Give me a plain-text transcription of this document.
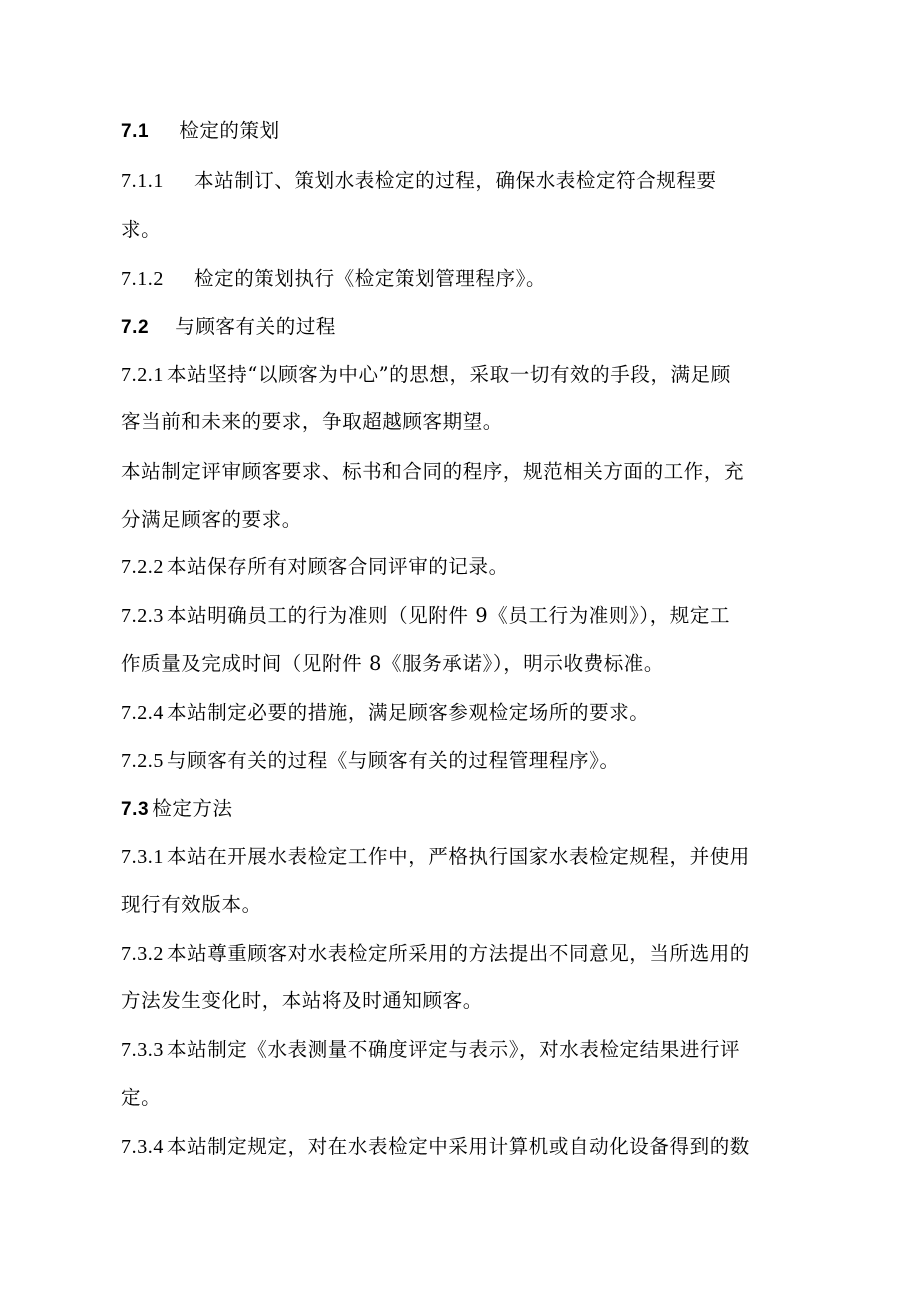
7.1 检定的策划
7.1.1 本站制订、策划水表检定的过程，确保水表检定符合规程要
求。
7.1.2 检定的策划执行《检定策划管理程序》。
7.2 与顾客有关的过程
7.2.1 本站坚持“以顾客为中心”的思想，采取一切有效的手段，满足顾
客当前和未来的要求，争取超越顾客期望。
本站制定评审顾客要求、标书和合同的程序，规范相关方面的工作，充
分满足顾客的要求。
7.2.2 本站保存所有对顾客合同评审的记录。
7.2.3 本站明确员工的行为准则（见附件 9《员工行为准则》），规定工
作质量及完成时间（见附件 8《服务承诺》），明示收费标准。
7.2.4 本站制定必要的措施，满足顾客参观检定场所的要求。
7.2.5 与顾客有关的过程《与顾客有关的过程管理程序》。
7.3 检定方法
7.3.1 本站在开展水表检定工作中，严格执行国家水表检定规程，并使用
现行有效版本。
7.3.2 本站尊重顾客对水表检定所采用的方法提出不同意见，当所选用的
方法发生变化时，本站将及时通知顾客。
7.3.3 本站制定《水表测量不确度评定与表示》，对水表检定结果进行评
定。
7.3.4 本站制定规定，对在水表检定中采用计算机或自动化设备得到的数
